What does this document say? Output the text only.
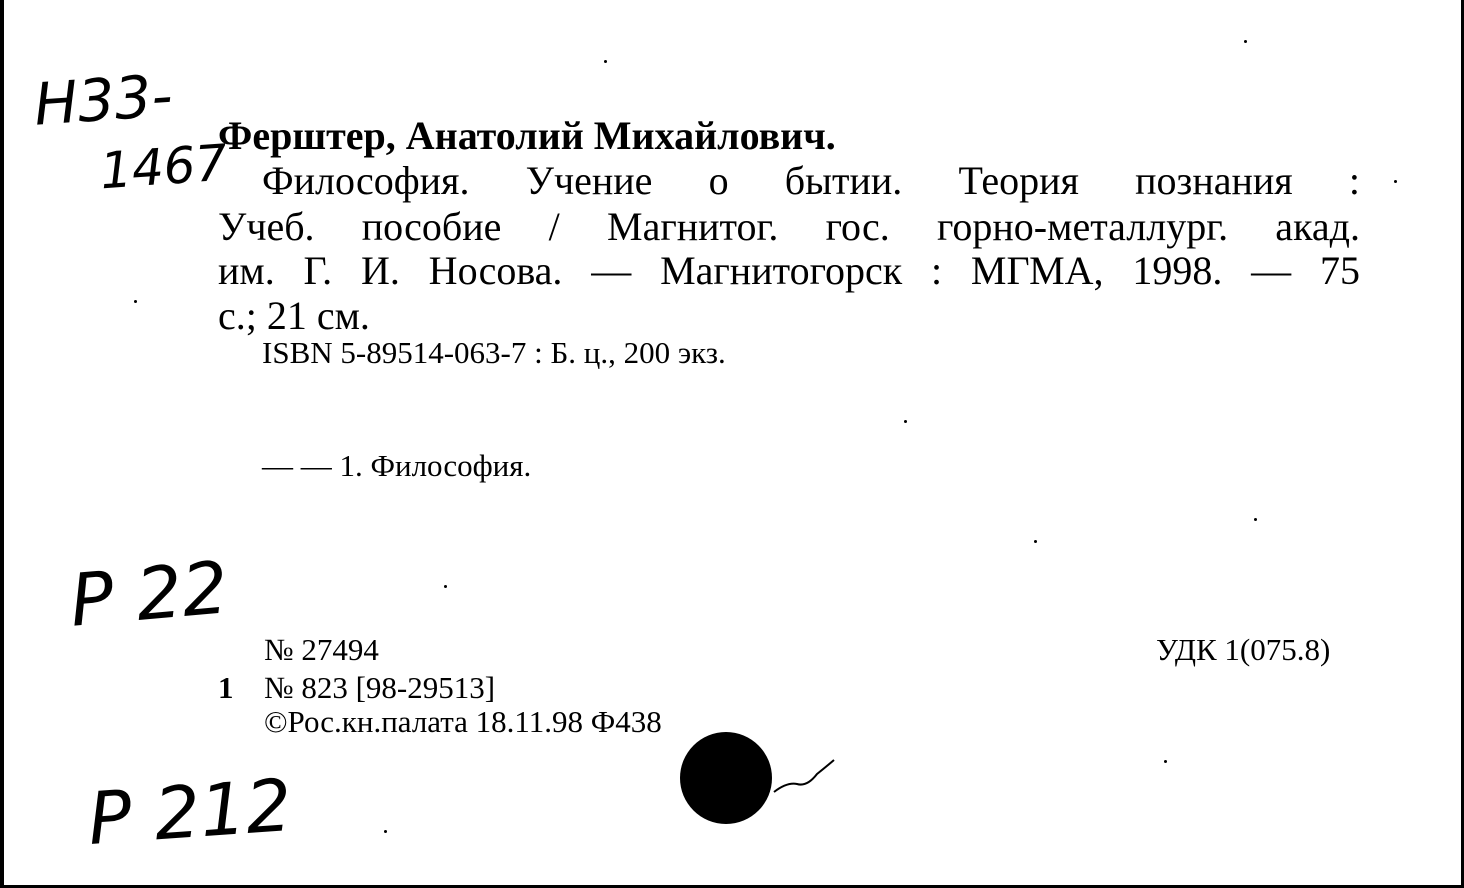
Н33-
1467
Ферштер, Анатолий Михайлович.
Философия. Учение о бытии. Теория познания :
Учеб. пособие / Магнитог. гос. горно-металлург. акад.
им. Г. И. Носова. — Магнитогорск : МГМА, 1998. — 75
с.; 21 см.
ISBN 5-89514-063-7 : Б. ц., 200 экз.
— — 1. Философия.
Р 22
№ 27494	УДК 1(075.8)
1 № 823 [98-29513]
©Рос.кн.палата 18.11.98 Ф438
Р 212
